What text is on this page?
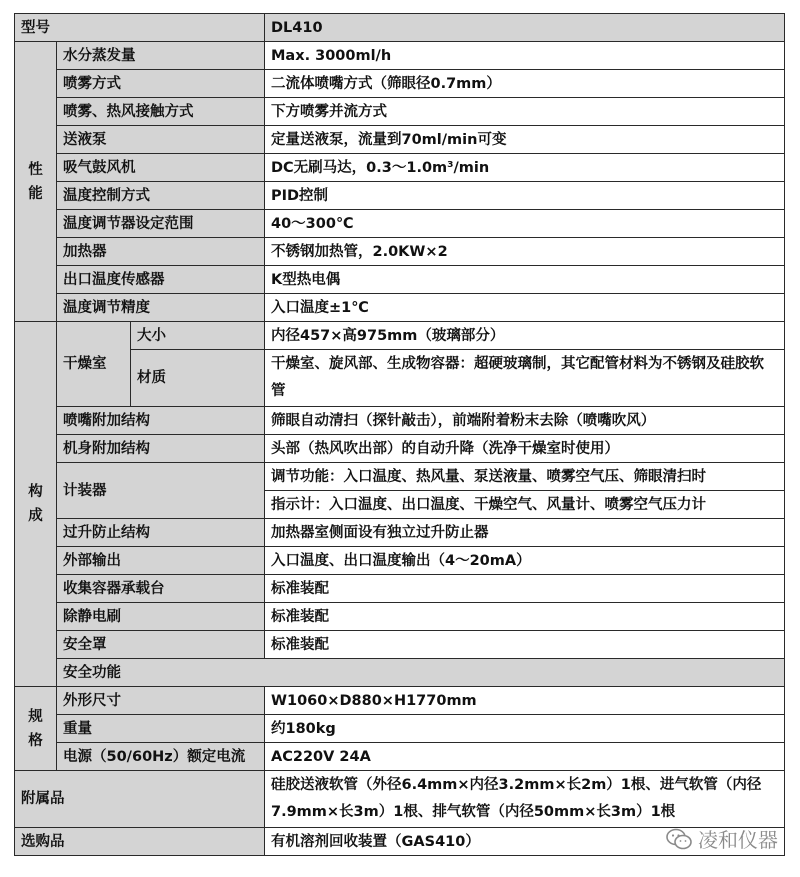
型号			DL410	

性
能	水分蒸发量		Max. 3000ml/h	
	喷雾方式		二流体喷嘴方式（筛眼径0.7mm）	
	喷雾、热风接触方式		下方喷雾并流方式	
	送液泵		定量送液泵，流量到70ml/min可变	
	吸气鼓风机		DC无刷马达，0.3～1.0m³/min	
	温度控制方式		PID控制	
	温度调节器设定范围		40～300℃	
	加热器		不锈钢加热管，2.0KW×2	
	出口温度传感器		K型热电偶	
	温度调节精度		入口温度±1℃	

构
成	干燥室	大小	内径457×高975mm（玻璃部分）	
		材质	干燥室、旋风部、生成物容器：超硬玻璃制，其它配管材料为不锈钢及硅胶软管	
	喷嘴附加结构		筛眼自动清扫（探针敲击），前端附着粉末去除（喷嘴吹风）	
	机身附加结构		头部（热风吹出部）的自动升降（洗净干燥室时使用）	
	计装器		调节功能：入口温度、热风量、泵送液量、喷雾空气压、筛眼清扫时	
			指示计：入口温度、出口温度、干燥空气、风量计、喷雾空气压力计	
	过升防止结构		加热器室侧面设有独立过升防止器	
	外部输出		入口温度、出口温度输出（4～20mA）	
	收集容器承载台		标准装配	
	除静电刷		标准装配	
	安全罩		标准装配	
	安全功能	

规
格	外形尺寸		W1060×D880×H1770mm	
	重量		约180kg	
	电源（50/60Hz）额定电流		AC220V 24A	
附属品			硅胶送液软管（外径6.4mm×内径3.2mm×长2m）1根、进气软管（内径7.9mm×长3m）1根、排气软管（内径50mm×长3m）1根	
选购品			有机溶剂回收装置（GAS410）		凌和仪器
